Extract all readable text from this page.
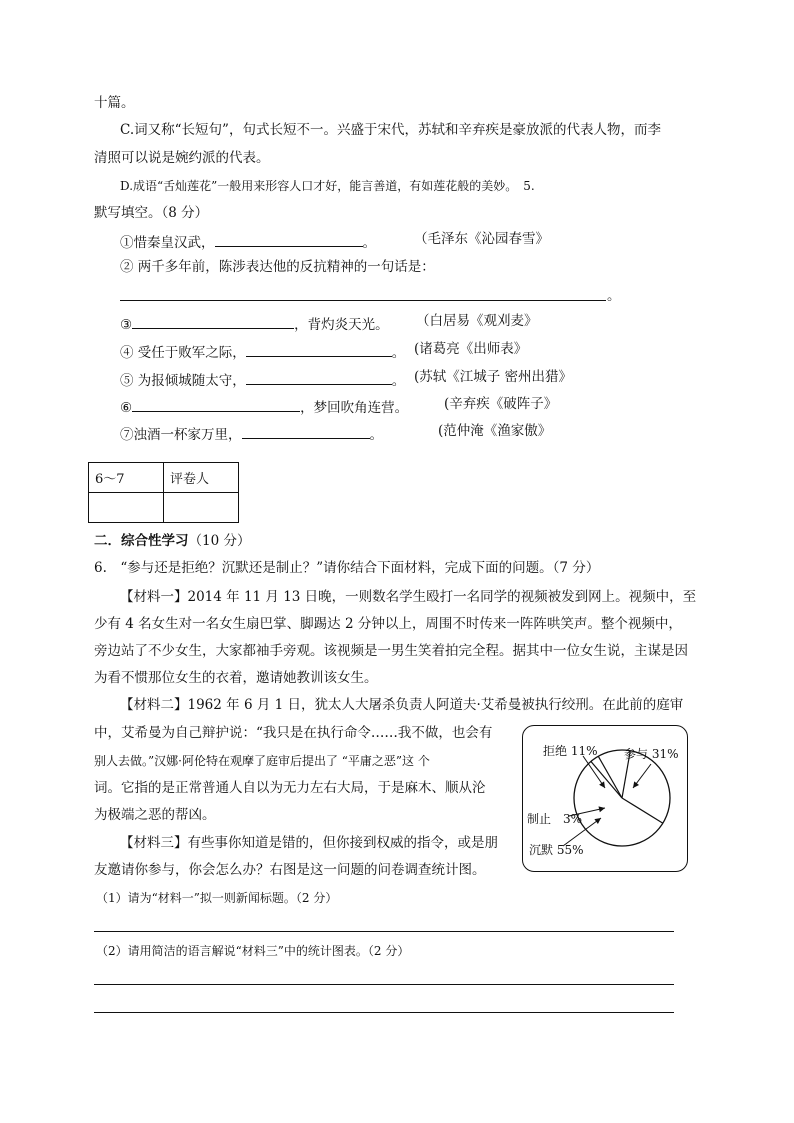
十篇。
C.词又称“长短句”，句式长短不一。兴盛于宋代，苏轼和辛弃疾是豪放派的代表人物，而李
清照可以说是婉约派的代表。
D.成语“舌灿莲花”一般用来形容人口才好，能言善道，有如莲花般的美妙。　5.
默写填空。（8 分）
①惜秦皇汉武，	。	（毛泽东《沁园春雪》
② 两千多年前，陈涉表达他的反抗精神的一句话是：
。
③	，背灼炎天光。 （白居易《观刈麦》
④ 受任于败军之际，	。 (诸葛亮《出师表》
⑤ 为报倾城随太守，	。 (苏轼《江城子 密州出猎》
⑥	，梦回吹角连营。	(辛弃疾《破阵子》
⑦浊酒一杯家万里，	。	(范仲淹《渔家傲》
6～7	评卷人

二．综合性学习（10 分）
6.　“参与还是拒绝？沉默还是制止？”请你结合下面材料，完成下面的问题。（7 分）
【材料一】2014 年 11 月 13 日晚，一则数名学生殴打一名同学的视频被发到网上。视频中，至
少有 4 名女生对一名女生扇巴掌、脚踢达 2 分钟以上，周围不时传来一阵阵哄笑声。整个视频中，
旁边站了不少女生，大家都袖手旁观。该视频是一男生笑着拍完全程。据其中一位女生说，主谋是因
为看不惯那位女生的衣着，邀请她教训该女生。
【材料二】1962 年 6 月 1 日，犹太人大屠杀负责人阿道夫·艾希曼被执行绞刑。在此前的庭审
中，艾希曼为自己辩护说：“我只是在执行命令……我不做，也会有
别人去做。”汉娜·阿伦特在观摩了庭审后提出了 “平庸之恶”这 个
词。它指的是正常普通人自以为无力左右大局，于是麻木、顺从沦
为极端之恶的帮凶。
【材料三】有些事你知道是错的，但你接到权威的指令，或是朋
友邀请你参与，你会怎么办？右图是这一问题的问卷调查统计图。
（1）请为“材料一”拟一则新闻标题。（2 分）
（2）请用简洁的语言解说“材料三”中的统计图表。（2 分）
参与 31%
沉默 55%
制止　3%
拒绝 11%
